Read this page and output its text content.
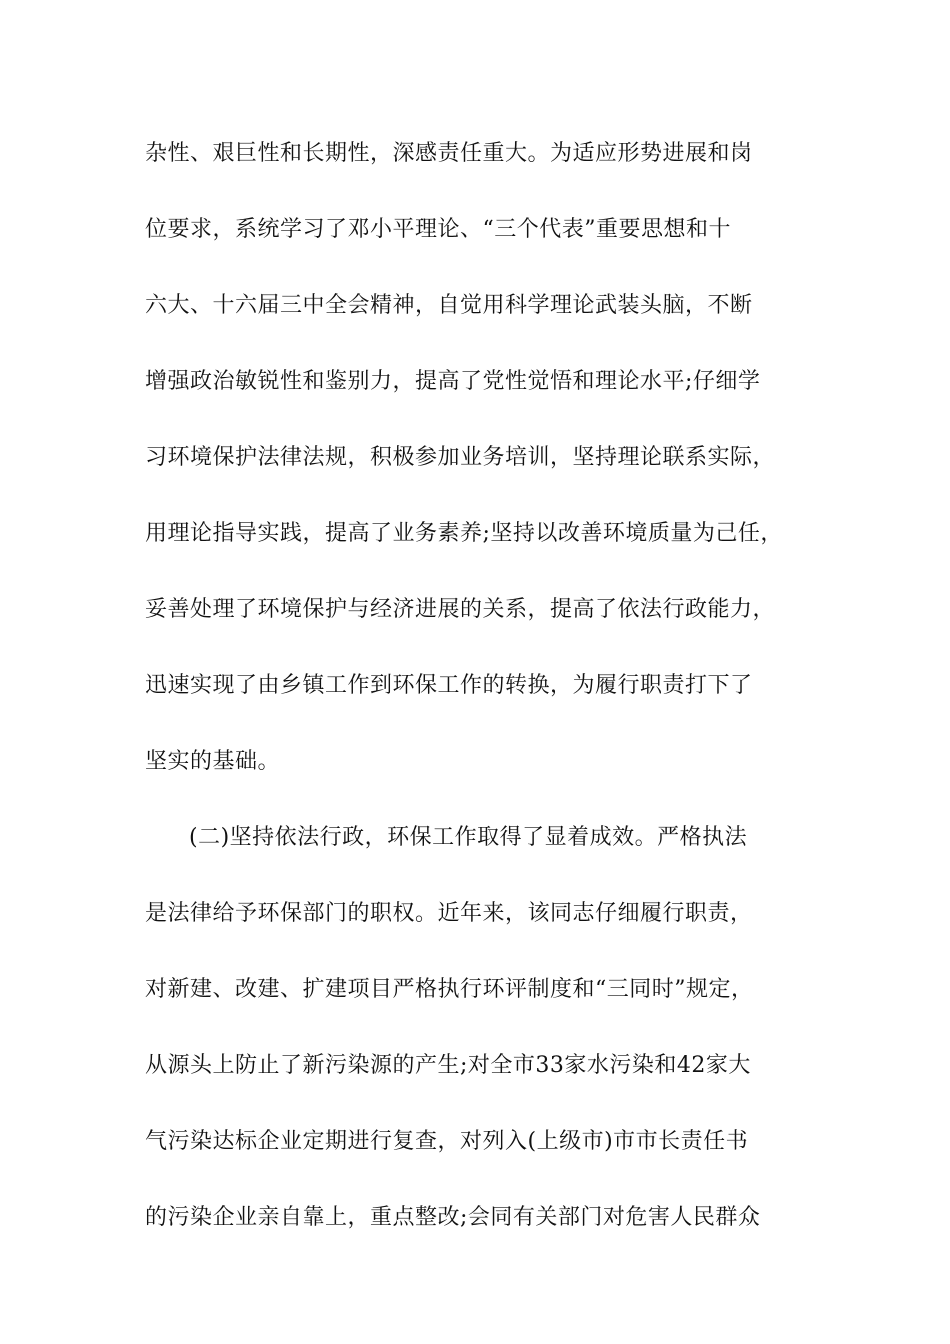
杂性、艰巨性和长期性，深感责任重大。为适应形势进展和岗
位要求，系统学习了邓小平理论、“三个代表”重要思想和十
六大、十六届三中全会精神，自觉用科学理论武装头脑，不断
增强政治敏锐性和鉴别力，提高了党性觉悟和理论水平;仔细学
习环境保护法律法规，积极参加业务培训，坚持理论联系实际，
用理论指导实践，提高了业务素养;坚持以改善环境质量为己任，
妥善处理了环境保护与经济进展的关系，提高了依法行政能力，
迅速实现了由乡镇工作到环保工作的转换，为履行职责打下了
坚实的基础。
(二)坚持依法行政，环保工作取得了显着成效。严格执法
是法律给予环保部门的职权。近年来，该同志仔细履行职责，
对新建、改建、扩建项目严格执行环评制度和“三同时”规定，
从源头上防止了新污染源的产生;对全市33家水污染和42家大
气污染达标企业定期进行复查，对列入(上级市)市市长责任书
的污染企业亲自靠上，重点整改;会同有关部门对危害人民群众
